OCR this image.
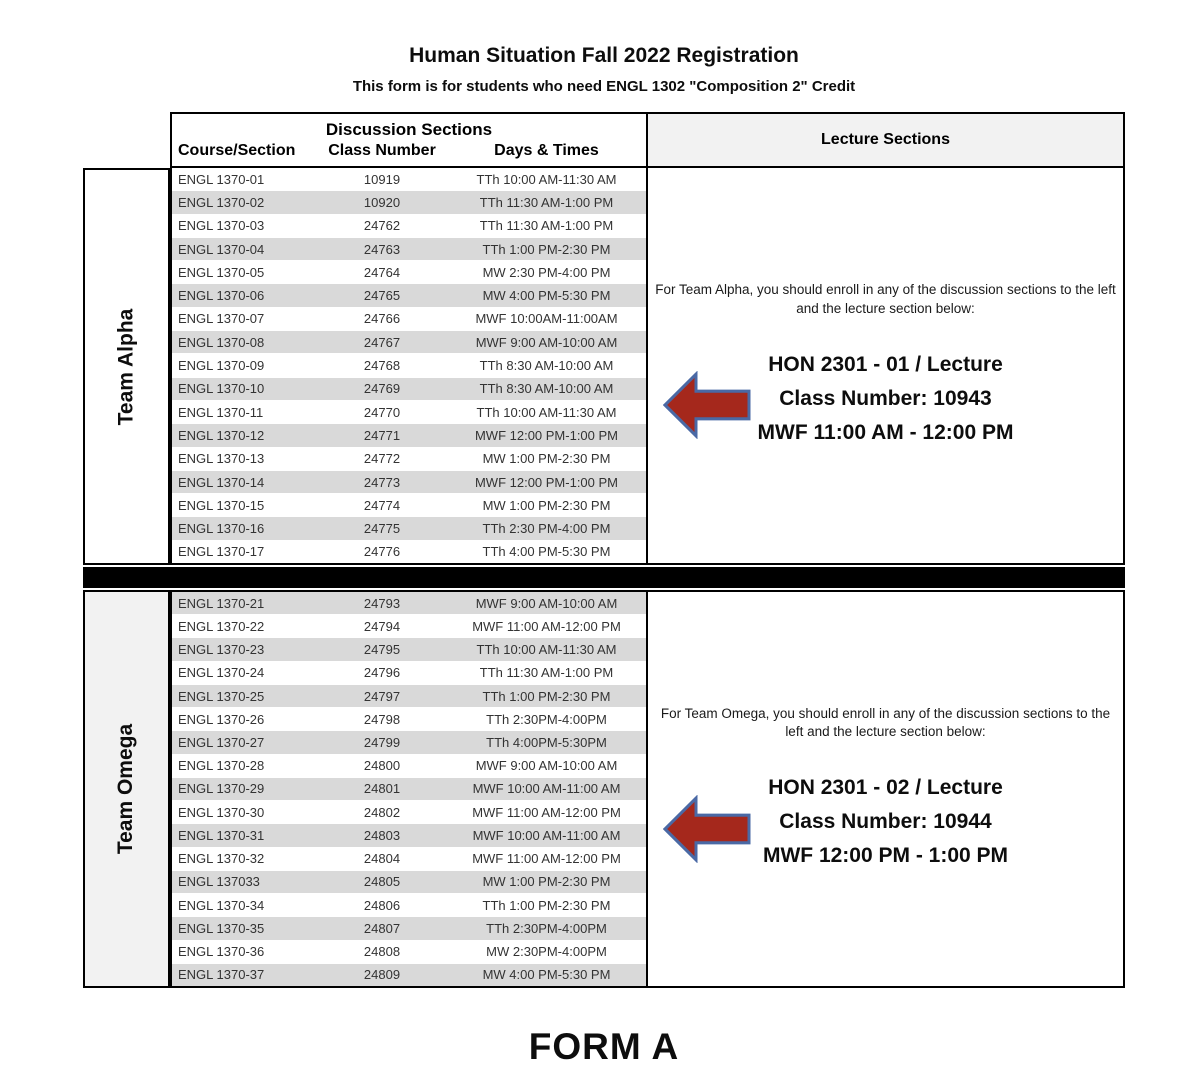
Human Situation Fall 2022 Registration
This form is for students who need ENGL 1302 "Composition 2" Credit
Discussion Sections
Course/Section	Class Number	Days & Times
Lecture Sections
Team Alpha
ENGL 1370-01	10919	TTh 10:00 AM-11:30 AM
ENGL 1370-02	10920	TTh 11:30 AM-1:00 PM
ENGL 1370-03	24762	TTh 11:30 AM-1:00 PM
ENGL 1370-04	24763	TTh 1:00 PM-2:30 PM
ENGL 1370-05	24764	MW 2:30 PM-4:00 PM
ENGL 1370-06	24765	MW 4:00 PM-5:30 PM
ENGL 1370-07	24766	MWF 10:00AM-11:00AM
ENGL 1370-08	24767	MWF 9:00 AM-10:00 AM
ENGL 1370-09	24768	TTh 8:30 AM-10:00 AM
ENGL 1370-10	24769	TTh 8:30 AM-10:00 AM
ENGL 1370-11	24770	TTh 10:00 AM-11:30 AM
ENGL 1370-12	24771	MWF 12:00 PM-1:00 PM
ENGL 1370-13	24772	MW 1:00 PM-2:30 PM
ENGL 1370-14	24773	MWF 12:00 PM-1:00 PM
ENGL 1370-15	24774	MW 1:00 PM-2:30 PM
ENGL 1370-16	24775	TTh 2:30 PM-4:00 PM
ENGL 1370-17	24776	TTh 4:00 PM-5:30 PM
For Team Alpha, you should enroll in any of the discussion sections to the left and the lecture section below:
HON 2301 - 01 / Lecture
Class Number: 10943
MWF 11:00 AM - 12:00 PM
Team Omega
ENGL 1370-21	24793	MWF 9:00 AM-10:00 AM
ENGL 1370-22	24794	MWF 11:00 AM-12:00 PM
ENGL 1370-23	24795	TTh 10:00 AM-11:30 AM
ENGL 1370-24	24796	TTh 11:30 AM-1:00 PM
ENGL 1370-25	24797	TTh 1:00 PM-2:30 PM
ENGL 1370-26	24798	TTh 2:30PM-4:00PM
ENGL 1370-27	24799	TTh 4:00PM-5:30PM
ENGL 1370-28	24800	MWF 9:00 AM-10:00 AM
ENGL 1370-29	24801	MWF 10:00 AM-11:00 AM
ENGL 1370-30	24802	MWF 11:00 AM-12:00 PM
ENGL 1370-31	24803	MWF 10:00 AM-11:00 AM
ENGL 1370-32	24804	MWF 11:00 AM-12:00 PM
ENGL 137033	24805	MW 1:00 PM-2:30 PM
ENGL 1370-34	24806	TTh 1:00 PM-2:30 PM
ENGL 1370-35	24807	TTh 2:30PM-4:00PM
ENGL 1370-36	24808	MW 2:30PM-4:00PM
ENGL 1370-37	24809	MW 4:00 PM-5:30 PM
For Team Omega, you should enroll in any of the discussion sections to the left and the lecture section below:
HON 2301 - 02 / Lecture
Class Number: 10944
MWF 12:00 PM - 1:00 PM
FORM A
